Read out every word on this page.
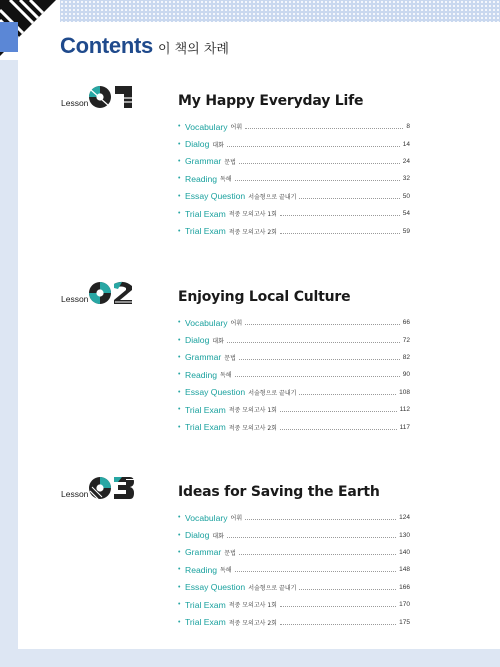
Contents 이 책의 차례
Lesson	My Happy Everyday Life
• Vocabulary 어휘	8
• Dialog 대화	14
• Grammar 문법	24
• Reading 독해	32
• Essay Question 서술형으로 끝내기	50
• Trial Exam 적중 모의고사 1회	54
• Trial Exam 적중 모의고사 2회	59
Lesson	Enjoying Local Culture
• Vocabulary 어휘	66
• Dialog 대화	72
• Grammar 문법	82
• Reading 독해	90
• Essay Question 서술형으로 끝내기	108
• Trial Exam 적중 모의고사 1회	112
• Trial Exam 적중 모의고사 2회	117
Lesson	Ideas for Saving the Earth
• Vocabulary 어휘	124
• Dialog 대화	130
• Grammar 문법	140
• Reading 독해	148
• Essay Question 서술형으로 끝내기	166
• Trial Exam 적중 모의고사 1회	170
• Trial Exam 적중 모의고사 2회	175
